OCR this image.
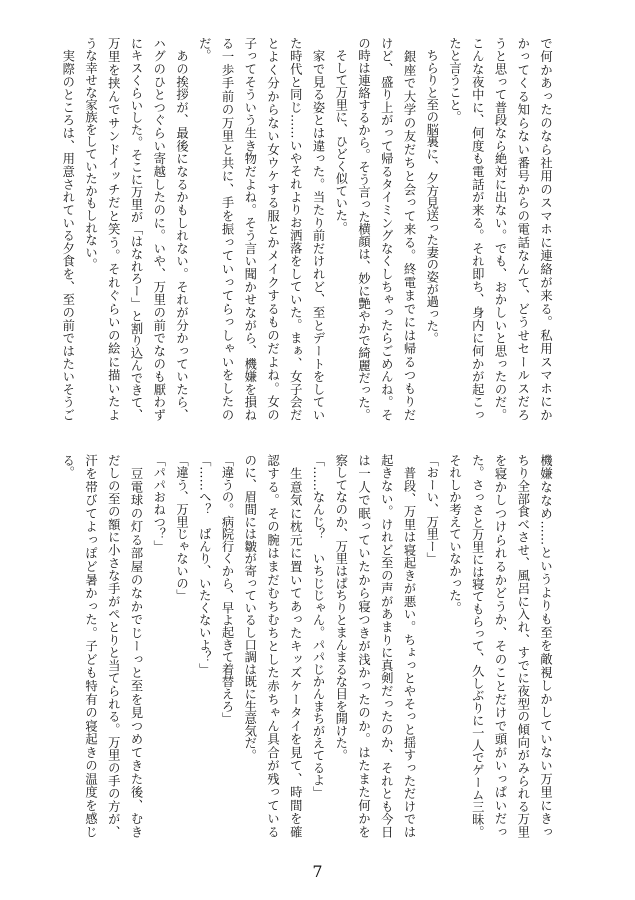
で何かあったのなら社用のスマホに連絡が来る。私用スマホにか
かってくる知らない番号からの電話なんて、どうせセールスだろ
うと思って普段なら絶対に出ない。でも、おかしいと思ったのだ。
こんな夜中に、何度も電話が来る。それ即ち、身内に何かが起こっ
たと言うこと。
　ちらりと至の脳裏に、夕方見送った妻の姿が過った。
　銀座で大学の友だちと会って来る。終電までには帰るつもりだ
けど、盛り上がって帰るタイミングなくしちゃったらごめんね。そ
の時は連絡するから。そう言った横顔は、妙に艶やかで綺麗だった。
　そして万里に、ひどく似ていた。
　家で見る姿とは違った。当たり前だけれど、至とデートをしてい
た時代と同じ……いやそれよりお洒落をしていた。まぁ、女子会だ
とよく分からない女ウケする服とかメイクするものだよね。女の
子ってそういう生き物だよね。そう言い聞かせながら、機嫌を損ね
る一歩手前の万里と共に、手を振っていってらっしゃいをしたの
だ。
　あの挨拶が、最後になるかもしれない。それが分かっていたら、
ハグのひとつぐらい寄越したのに。いや、万里の前でなのも厭わず
にキスくらいした。そこに万里が「はなれろー」と割り込んできて、
万里を挟んでサンドイッチだと笑う。それぐらいの絵に描いたよ
うな幸せな家族をしていたかもしれない。
　実際のところは、用意されている夕食を、至の前ではたいそうご
機嫌ななめ……というよりも至を敵視しかしていない万里にきっ
ちり全部食べさせ、風呂に入れ、すでに夜型の傾向がみられる万里
を寝かしつけられるかどうか、そのことだけで頭がいっぱいだっ
た。さっさと万里には寝てもらって、久しぶりに一人でゲーム三昧。
それしか考えていなかった。
「おーい、万里ー」
　普段、万里は寝起きが悪い。ちょっとやそっと揺すっただけでは
起きない。けれど至の声があまりに真剣だったのか、それとも今日
は一人で眠っていたから寝つきが浅かったのか。はたまた何かを
察してなのか、万里はぱちりとまんまるな目を開けた。
「……なんじ？　いちじじゃん。パパじかんまちがえてるよ」
　生意気に枕元に置いてあったキッズケータイを見て、時間を確
認する。その腕はまだむちむちとした赤ちゃん具合が残っている
のに、眉間には皺が寄っているし口調は既に生意気だ。
「違うの。病院行くから、早よ起きて着替えろ」
「……へ？　ばんり、いたくないよ？」
「違う、万里じゃないの」
「パパおねつ？」
　豆電球の灯る部屋のなかでじーっと至を見つめてきた後、むき
だしの至の額に小さな手がぺとりと当てられる。万里の手の方が、
汗を帯びてよっぽど暑かった。子ども特有の寝起きの温度を感じ
る。
7
